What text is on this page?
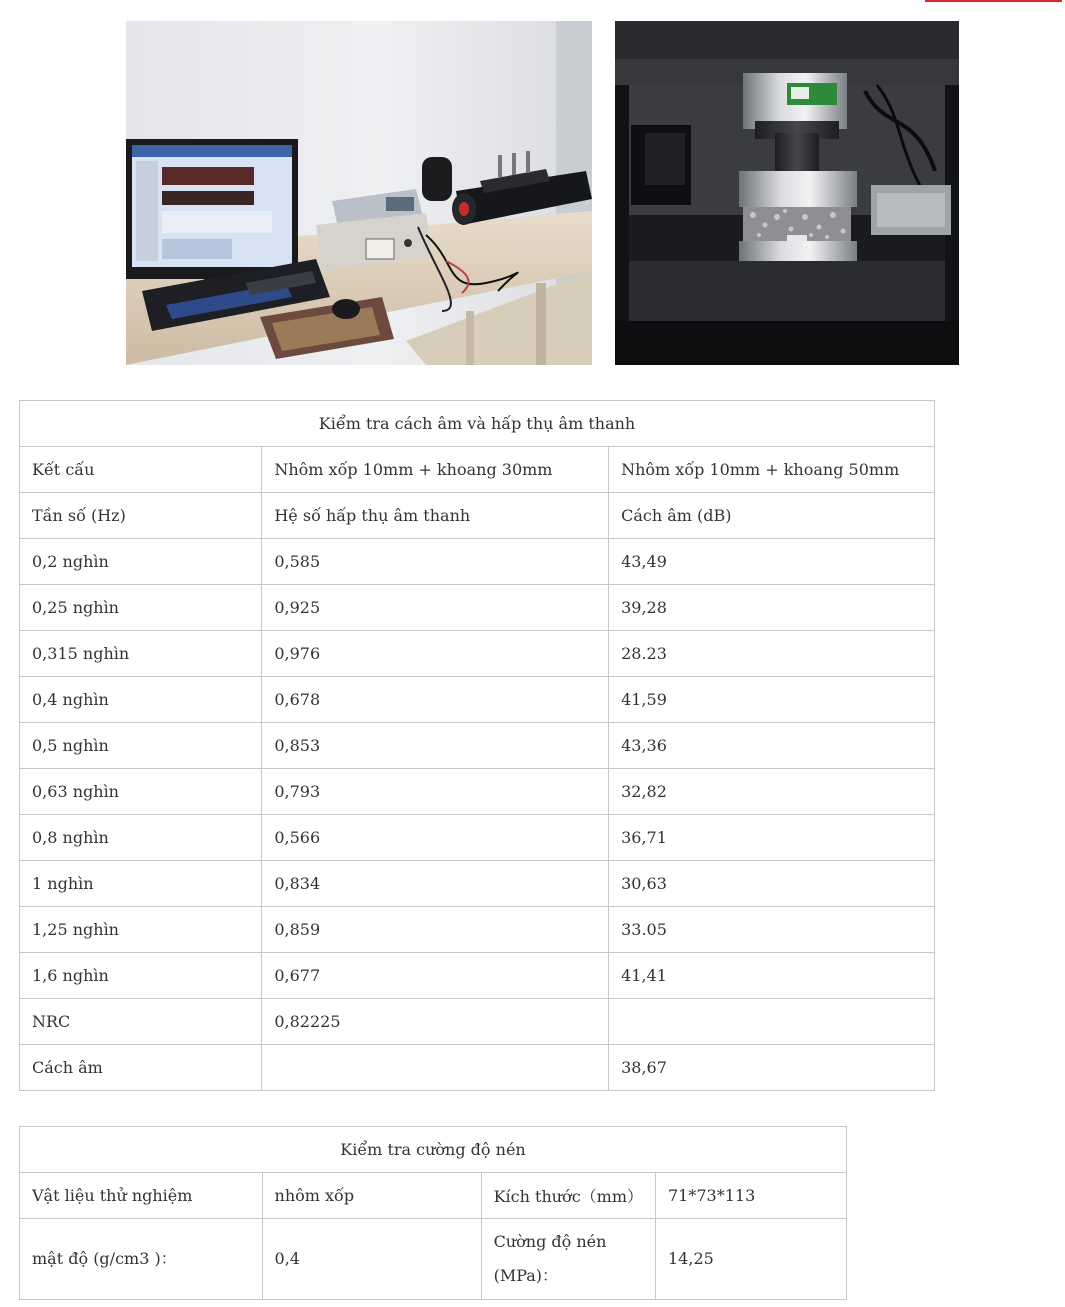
Kiểm tra cách âm và hấp thụ âm thanh		
Kết cấu	Nhôm xốp 10mm + khoang 30mm	Nhôm xốp 10mm + khoang 50mm
Tần số (Hz)	Hệ số hấp thụ âm thanh	Cách âm (dB)
0,2 nghìn	0,585	43,49
0,25 nghìn	0,925	39,28
0,315 nghìn	0,976	28.23
0,4 nghìn	0,678	41,59
0,5 nghìn	0,853	43,36
0,63 nghìn	0,793	32,82
0,8 nghìn	0,566	36,71
1 nghìn	0,834	30,63
1,25 nghìn	0,859	33.05
1,6 nghìn	0,677	41,41
NRC	0,82225	
Cách âm		38,67
Kiểm tra cường độ nén			
Vật liệu thử nghiệm	nhôm xốp	Kích thước（mm）	71*73*113
mật độ (g/cm3 )：	0,4	Cường độ nén (MPa)：	14,25
